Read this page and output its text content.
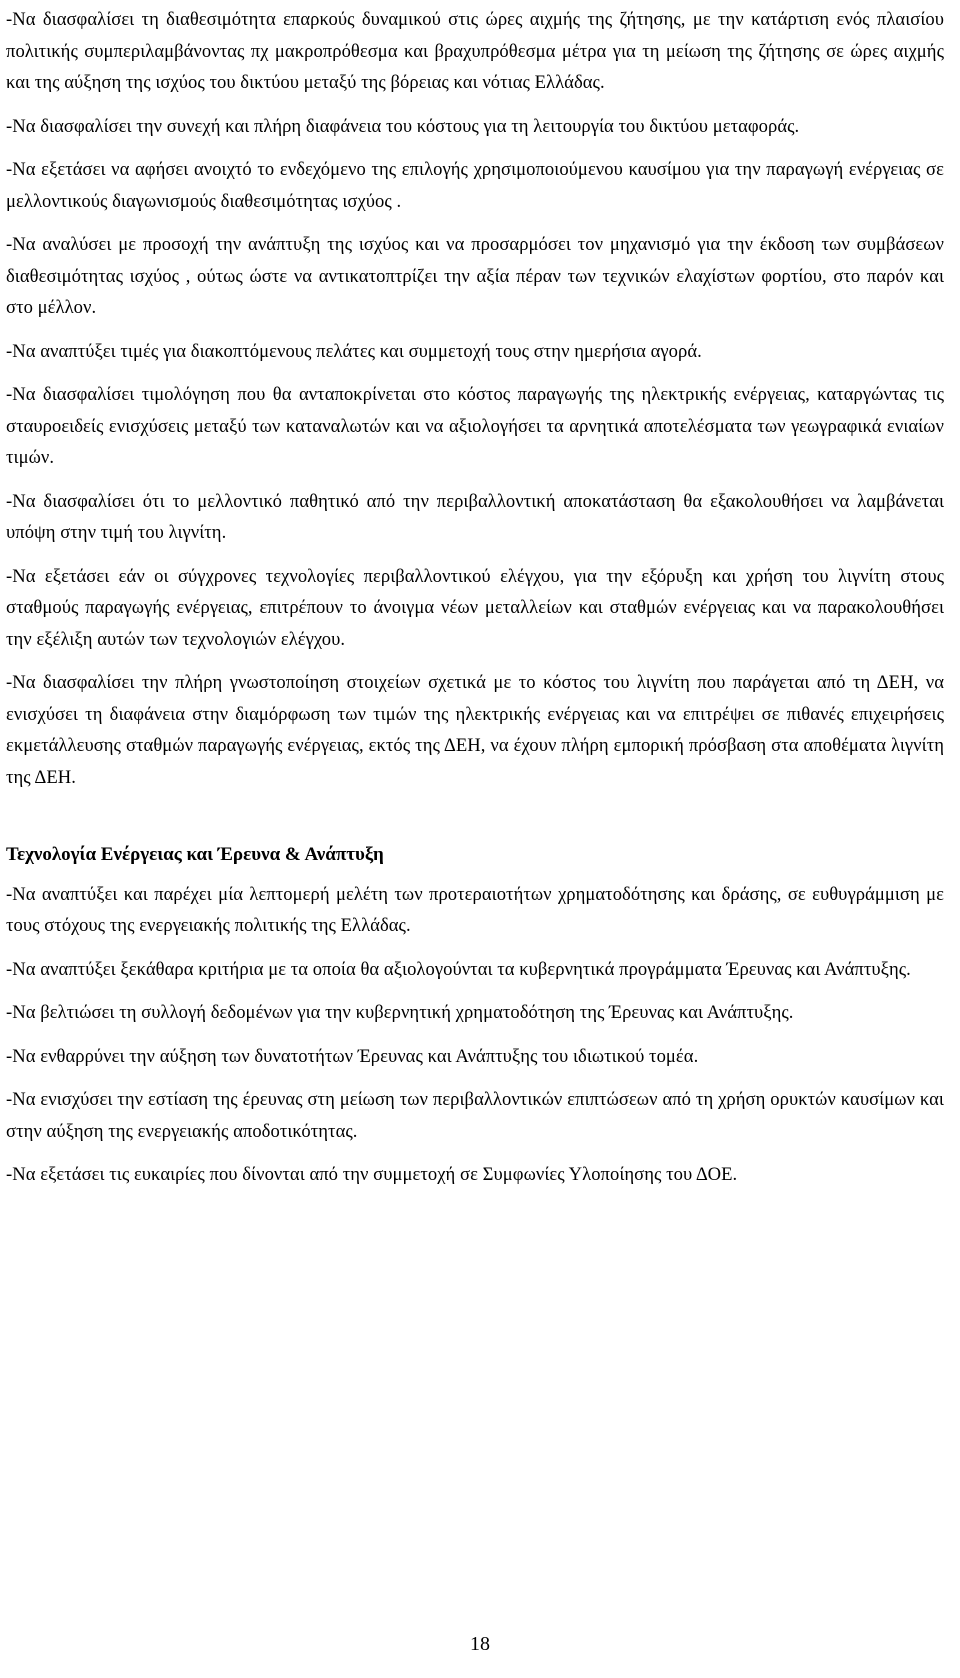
-Να διασφαλίσει τη διαθεσιμότητα επαρκούς δυναμικού στις ώρες αιχμής της ζήτησης, με την κατάρτιση ενός πλαισίου πολιτικής συμπεριλαμβάνοντας πχ μακροπρόθεσμα και βραχυπρόθεσμα μέτρα για τη μείωση της ζήτησης σε ώρες αιχμής και της αύξηση της ισχύος του δικτύου μεταξύ της βόρειας και νότιας Ελλάδας.

-Να διασφαλίσει την συνεχή και πλήρη διαφάνεια του κόστους για τη λειτουργία του δικτύου μεταφοράς.

-Να εξετάσει να αφήσει ανοιχτό το ενδεχόμενο της επιλογής χρησιμοποιούμενου καυσίμου για την παραγωγή ενέργειας σε μελλοντικούς διαγωνισμούς διαθεσιμότητας ισχύος .

-Να αναλύσει με προσοχή την ανάπτυξη της ισχύος και να προσαρμόσει τον μηχανισμό για την έκδοση των συμβάσεων διαθεσιμότητας ισχύος , ούτως ώστε να αντικατοπτρίζει την αξία πέραν των τεχνικών ελαχίστων φορτίου, στο παρόν και στο μέλλον.

-Να αναπτύξει τιμές για διακοπτόμενους πελάτες και συμμετοχή τους στην ημερήσια αγορά.

-Να διασφαλίσει τιμολόγηση που θα ανταποκρίνεται στο κόστος παραγωγής της ηλεκτρικής ενέργειας, καταργώντας τις σταυροειδείς ενισχύσεις μεταξύ των καταναλωτών και να αξιολογήσει τα αρνητικά αποτελέσματα των γεωγραφικά ενιαίων τιμών.

-Να διασφαλίσει ότι το μελλοντικό παθητικό από την περιβαλλοντική αποκατάσταση θα εξακολουθήσει να λαμβάνεται υπόψη στην τιμή του λιγνίτη.

-Να εξετάσει εάν οι σύγχρονες τεχνολογίες περιβαλλοντικού ελέγχου, για την εξόρυξη και χρήση του λιγνίτη στους σταθμούς παραγωγής ενέργειας, επιτρέπουν το άνοιγμα νέων μεταλλείων και σταθμών ενέργειας και να παρακολουθήσει την εξέλιξη αυτών των τεχνολογιών ελέγχου.

-Να διασφαλίσει την πλήρη γνωστοποίηση στοιχείων σχετικά με το κόστος του λιγνίτη που παράγεται από τη ΔΕΗ, να ενισχύσει τη διαφάνεια στην διαμόρφωση των τιμών της ηλεκτρικής ενέργειας και να επιτρέψει σε πιθανές επιχειρήσεις εκμετάλλευσης σταθμών παραγωγής ενέργειας, εκτός της ΔΕΗ, να έχουν πλήρη εμπορική πρόσβαση στα αποθέματα λιγνίτη της ΔΕΗ.

Τεχνολογία Ενέργειας και Έρευνα & Ανάπτυξη

-Να αναπτύξει και παρέχει μία λεπτομερή μελέτη των προτεραιοτήτων χρηματοδότησης και δράσης, σε ευθυγράμμιση με τους στόχους της ενεργειακής πολιτικής της Ελλάδας.

-Να αναπτύξει ξεκάθαρα κριτήρια με τα οποία θα αξιολογούνται τα κυβερνητικά προγράμματα Έρευνας και Ανάπτυξης.

-Να βελτιώσει τη συλλογή δεδομένων για την κυβερνητική χρηματοδότηση της Έρευνας και Ανάπτυξης.

-Να ενθαρρύνει την αύξηση των δυνατοτήτων Έρευνας και Ανάπτυξης του ιδιωτικού τομέα.

-Να ενισχύσει την εστίαση της έρευνας στη μείωση των περιβαλλοντικών επιπτώσεων από τη χρήση ορυκτών καυσίμων και στην αύξηση της ενεργειακής αποδοτικότητας.

-Να εξετάσει τις ευκαιρίες που δίνονται από την συμμετοχή σε Συμφωνίες Υλοποίησης του ΔΟΕ.

18
